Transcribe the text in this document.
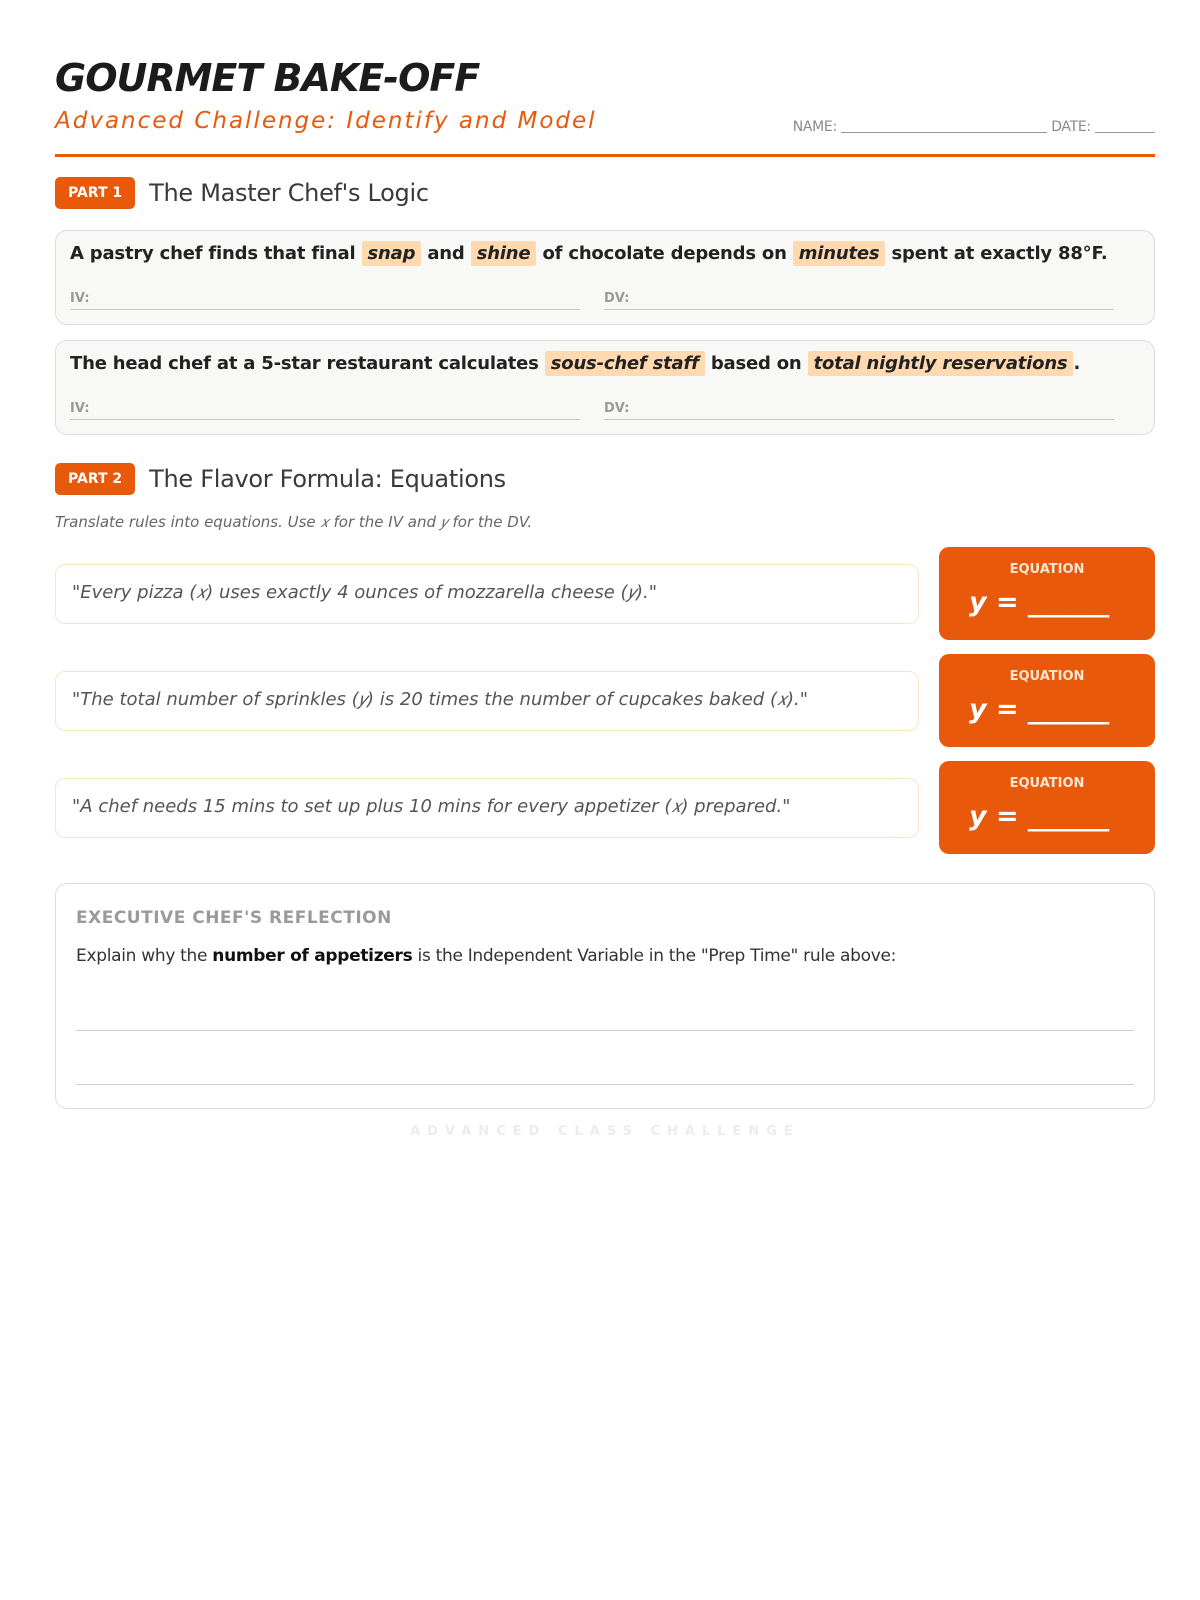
GOURMET BAKE-OFF
Advanced Challenge: Identify and Model	NAME:	DATE:
PART 1	The Master Chef's Logic
A pastry chef finds that final snap and shine of chocolate depends on minutes spent at exactly 88°F.
IV:	DV:
The head chef at a 5-star restaurant calculates sous-chef staff based on total nightly reservations .
IV:	DV:
PART 2	The Flavor Formula: Equations
Translate rules into equations. Use 𝑥 for the IV and 𝑦 for the DV.
"Every pizza (𝑥) uses exactly 4 ounces of mozzarella cheese (𝑦)."
EQUATION
y = ______
"The total number of sprinkles (𝑦) is 20 times the number of cupcakes baked (𝑥)."
EQUATION
y = ______
"A chef needs 15 mins to set up plus 10 mins for every appetizer (𝑥) prepared."
EQUATION
y = ______
EXECUTIVE CHEF'S REFLECTION
Explain why the number of appetizers is the Independent Variable in the "Prep Time" rule above:
ADVANCED CLASS CHALLENGE
